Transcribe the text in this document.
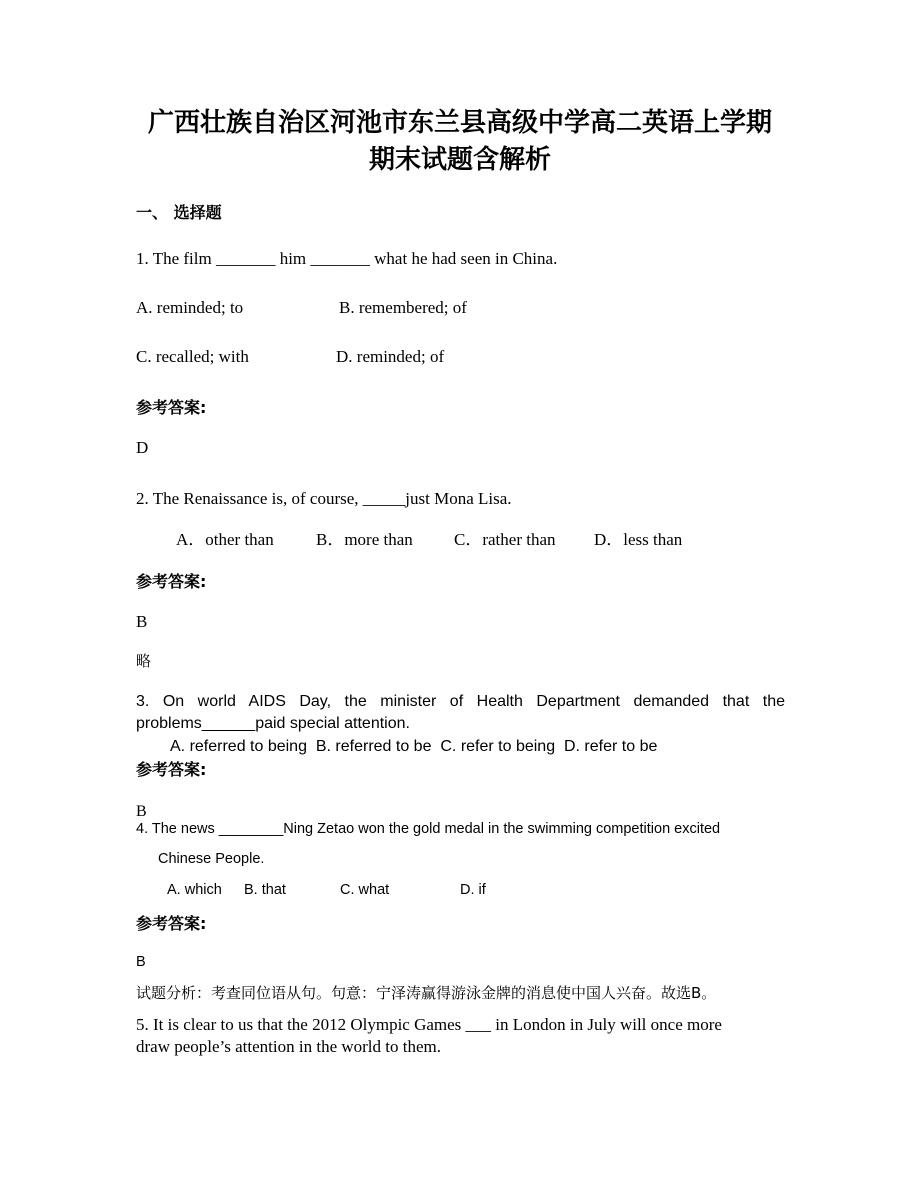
广西壮族自治区河池市东兰县高级中学高二英语上学期
期末试题含解析
一、 选择题
1. The film _______ him _______ what he had seen in China.
A. reminded; to	B. remembered; of
C. recalled; with	D. reminded; of
参考答案:
D
2. The Renaissance is, of course, _____just Mona Lisa.
A．other than B．more than C．rather than D．less than
参考答案:
B
略
3. On world AIDS Day, the minister of Health Department demanded that the
problems______paid special attention.
A. referred to being  B. referred to be  C. refer to being  D. refer to be
参考答案:
B
4. The news ________Ning Zetao won the gold medal in the swimming competition excited
Chinese People.
A. which B. that	C. what	D. if
参考答案:
B
试题分析：考查同位语从句。句意：宁泽涛赢得游泳金牌的消息使中国人兴奋。故选B。
5. It is clear to us that the 2012 Olympic Games ___ in London in July will once more
draw people’s attention in the world to them.
